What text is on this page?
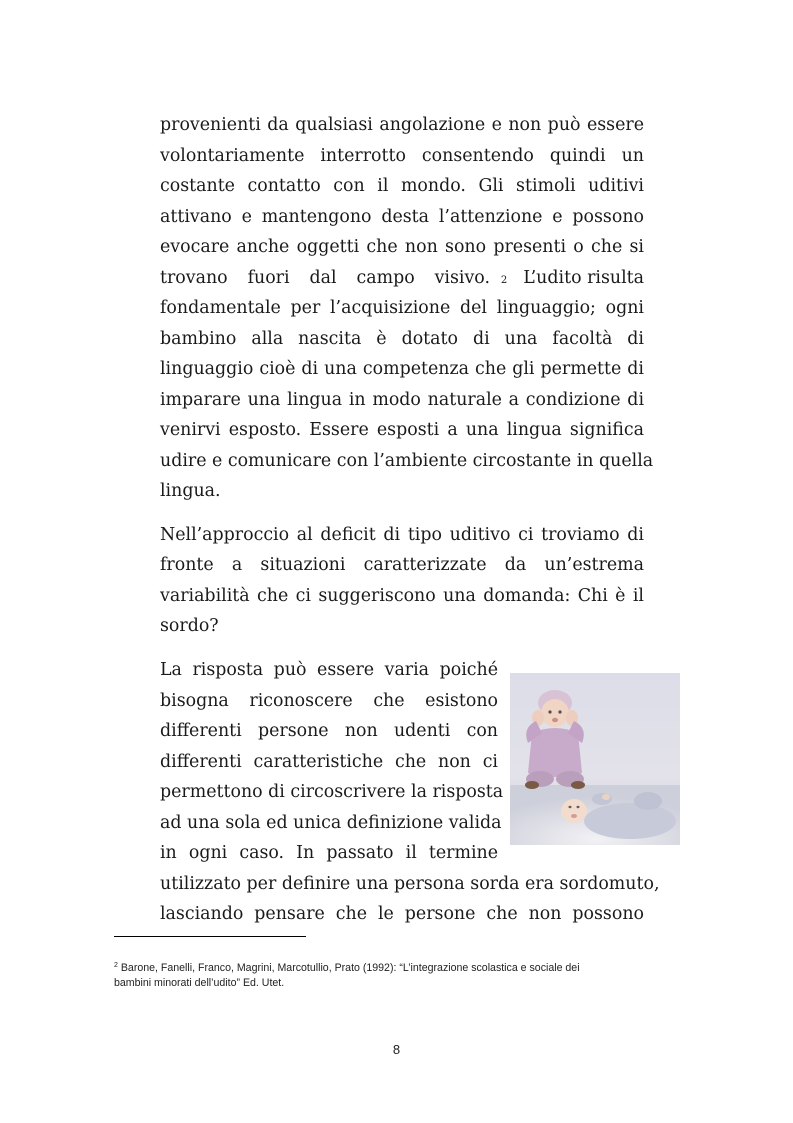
provenienti da qualsiasi angolazione e non può essere
volontariamente interrotto consentendo quindi un
costante contatto con il mondo. Gli stimoli uditivi
attivano e mantengono desta l’attenzione e possono
evocare anche oggetti che non sono presenti o che si
trovano fuori dal campo visivo. 2 L’udito risulta
fondamentale per l’acquisizione del linguaggio; ogni
bambino alla nascita è dotato di una facoltà di
linguaggio cioè di una competenza che gli permette di
imparare una lingua in modo naturale a condizione di
venirvi esposto. Essere esposti a una lingua significa
udire e comunicare con l’ambiente circostante in quella
lingua.
Nell’approccio al deficit di tipo uditivo ci troviamo di
fronte a situazioni caratterizzate da un’estrema
variabilità che ci suggeriscono una domanda: Chi è il
sordo?
La risposta può essere varia poiché
bisogna riconoscere che esistono
differenti persone non udenti con
differenti caratteristiche che non ci
permettono di circoscrivere la risposta
ad una sola ed unica definizione valida
in ogni caso. In passato il termine
utilizzato per definire una persona sorda era sordomuto,
lasciando pensare che le persone che non possono
$^2$ Barone, Fanelli, Franco, Magrini, Marcotullio, Prato (1992): “L’integrazione scolastica e sociale dei
bambini minorati dell’udito” Ed. Utet.
8
